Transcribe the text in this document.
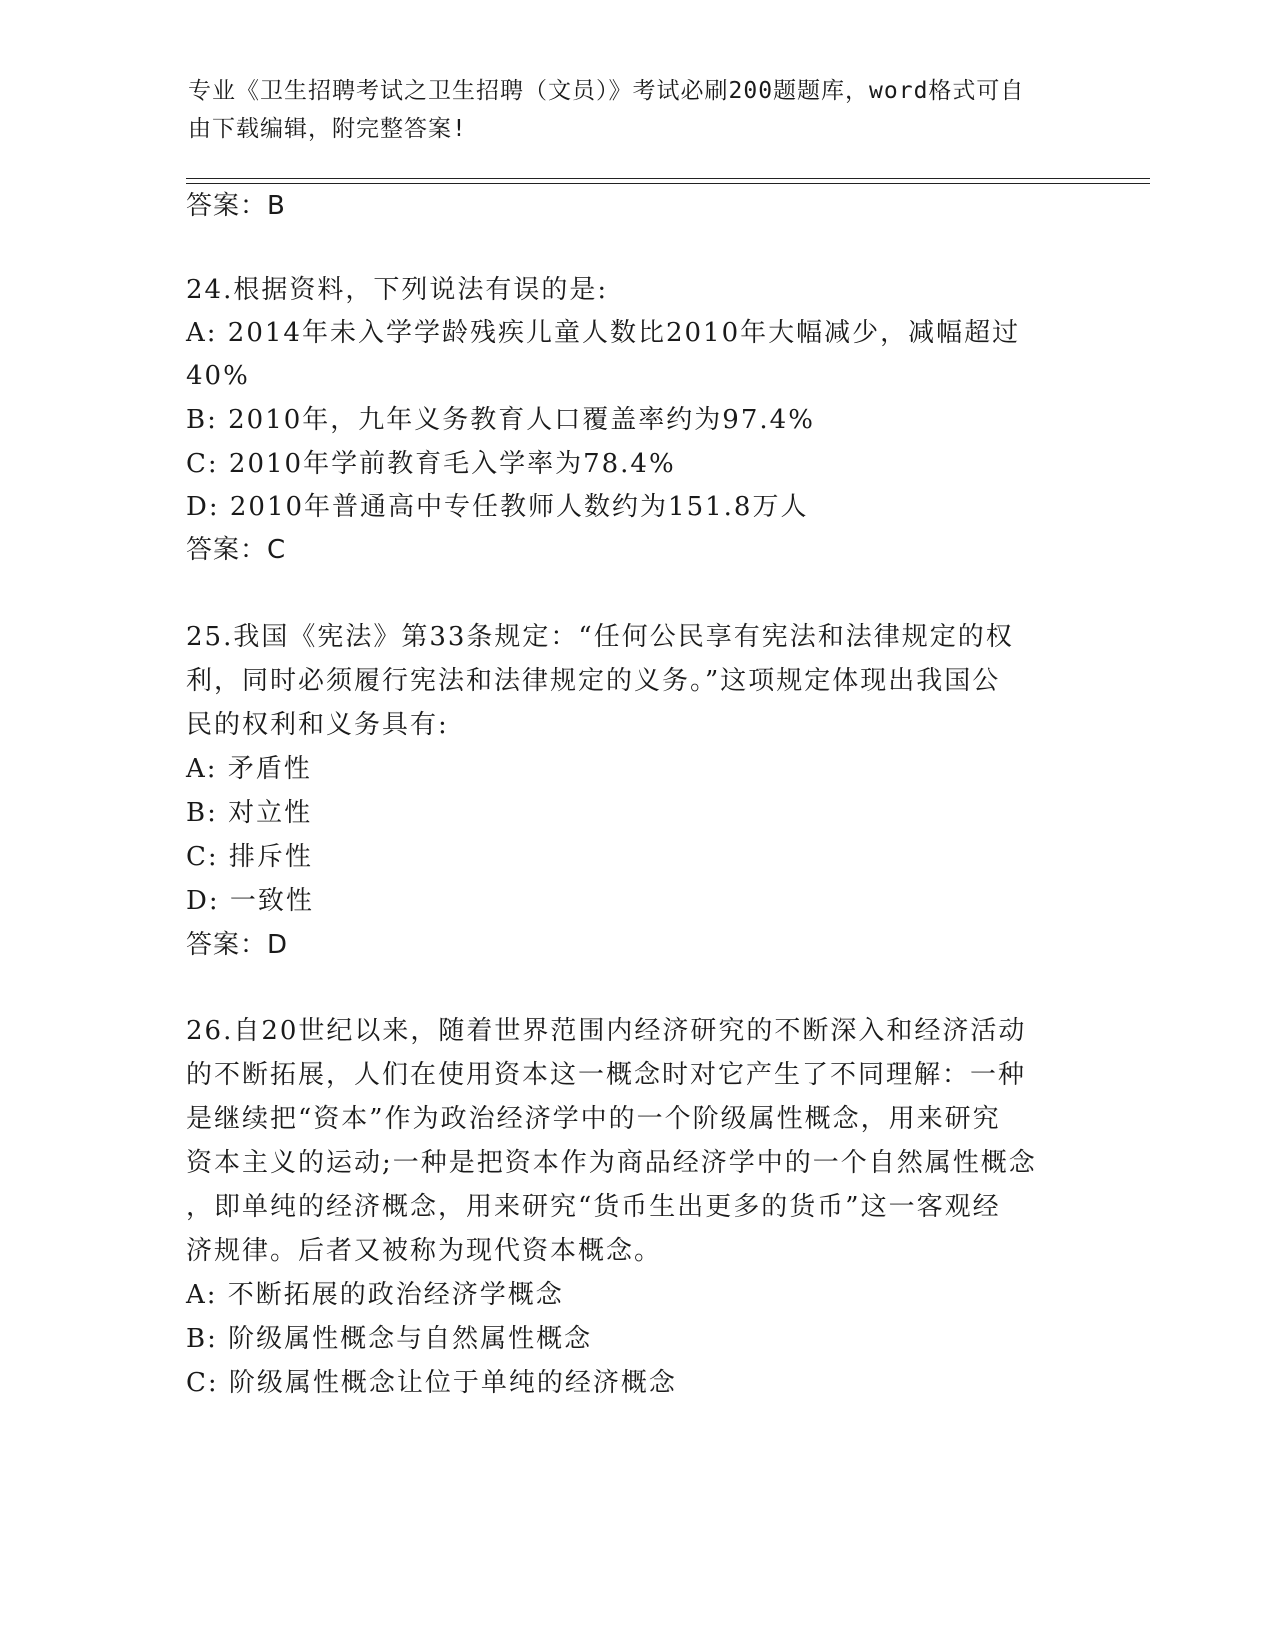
专业《卫生招聘考试之卫生招聘（文员）》考试必刷200题题库，word格式可自
由下载编辑，附完整答案!
答案：B
24.根据资料，下列说法有误的是:
A: 2014年未入学学龄残疾儿童人数比2010年大幅减少，减幅超过
40%
B: 2010年，九年义务教育人口覆盖率约为97.4%
C: 2010年学前教育毛入学率为78.4%
D: 2010年普通高中专任教师人数约为151.8万人
答案：C
25.我国《宪法》第33条规定：“任何公民享有宪法和法律规定的权
利，同时必须履行宪法和法律规定的义务。”这项规定体现出我国公
民的权利和义务具有:
A: 矛盾性
B: 对立性
C: 排斥性
D: 一致性
答案：D
26.自20世纪以来，随着世界范围内经济研究的不断深入和经济活动
的不断拓展，人们在使用资本这一概念时对它产生了不同理解：一种
是继续把“资本”作为政治经济学中的一个阶级属性概念，用来研究
资本主义的运动;一种是把资本作为商品经济学中的一个自然属性概念
，即单纯的经济概念，用来研究“货币生出更多的货币”这一客观经
济规律。后者又被称为现代资本概念。
A: 不断拓展的政治经济学概念
B: 阶级属性概念与自然属性概念
C: 阶级属性概念让位于单纯的经济概念
